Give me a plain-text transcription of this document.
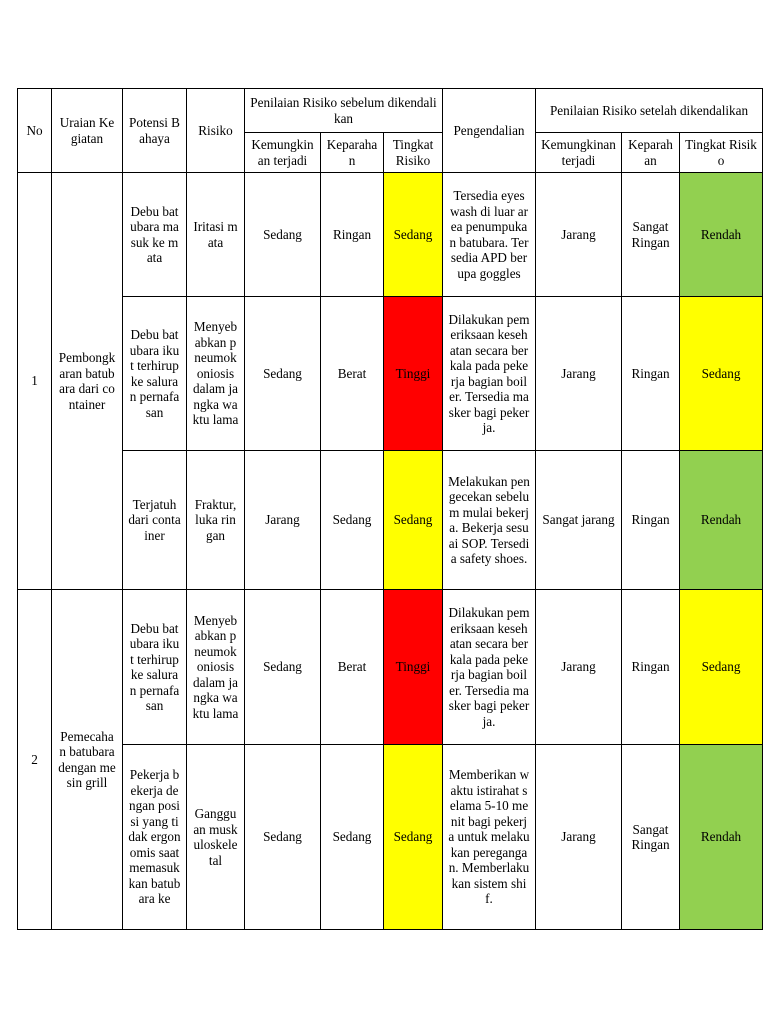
No	Uraian Kegiatan	Potensi Bahaya	Risiko	Penilaian Risiko sebelum dikendalikan			Pengendalian	Penilaian Risiko setelah dikendalikan		
				Kemungkinan terjadi	Keparahan	Tingkat Risiko		Kemungkinan terjadi	Keparahan	Tingkat Risiko
1	Pembongkaran batubara dari container	Debu batubara masuk ke mata	Iritasi mata	Sedang	Ringan	Sedang	Tersedia eyes wash di luar area penumpukan batubara. Tersedia APD berupa goggles	Jarang	Sangat Ringan	Rendah
		Debu batubara ikut terhirup ke saluran pernafasan	Menyebabkan pneumokoniosis dalam jangka waktu lama	Sedang	Berat	Tinggi	Dilakukan pemeriksaan kesehatan secara berkala pada pekerja bagian boiler. Tersedia masker bagi pekerja.	Jarang	Ringan	Sedang
		Terjatuh dari container	Fraktur, luka ringan	Jarang	Sedang	Sedang	Melakukan pengecekan sebelum mulai bekerja. Bekerja sesuai SOP. Tersedia safety shoes.	Sangat jarang	Ringan	Rendah
2	Pemecahan batubara dengan mesin grill	Debu batubara ikut terhirup ke saluran pernafasan	Menyebabkan pneumokoniosis dalam jangka waktu lama	Sedang	Berat	Tinggi	Dilakukan pemeriksaan kesehatan secara berkala pada pekerja bagian boiler. Tersedia masker bagi pekerja.	Jarang	Ringan	Sedang
		Pekerja bekerja dengan posisi yang tidak ergonomis saat memasukkan batubara ke	Gangguan muskuloskeletal	Sedang	Sedang	Sedang	Memberikan waktu istirahat selama 5-10 menit bagi pekerja untuk melakukan peregangan. Memberlakukan sistem shif.	Jarang	Sangat Ringan	Rendah
